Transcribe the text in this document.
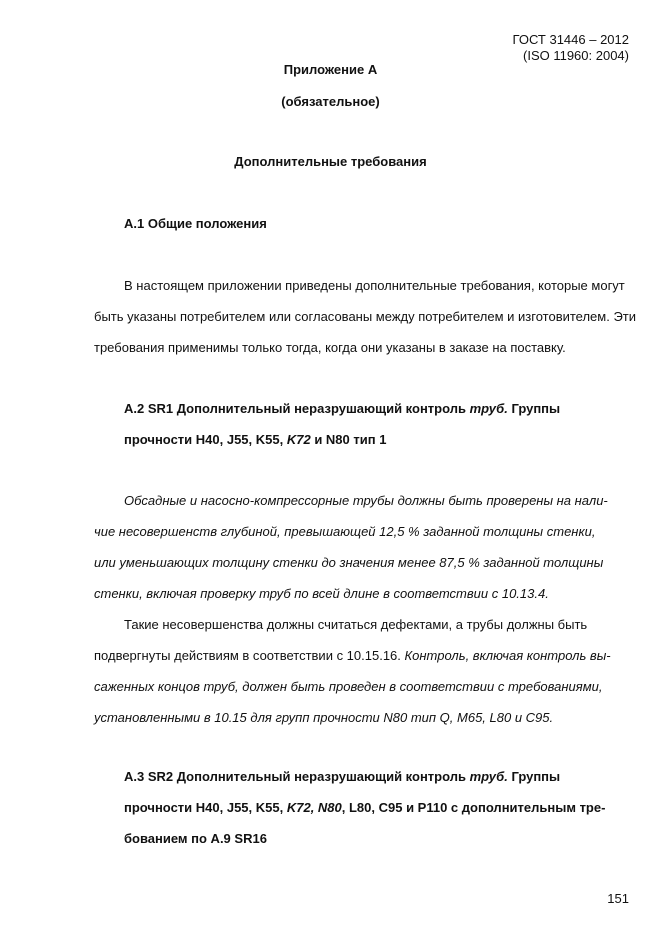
ГОСТ 31446 – 2012
(ISO 11960: 2004)
Приложение А
(обязательное)
Дополнительные требования
А.1 Общие положения
В настоящем приложении приведены дополнительные требования, которые могут
быть указаны потребителем или согласованы между потребителем и изготовителем. Эти
требования применимы только тогда, когда они указаны в заказе на поставку.
А.2 SR1 Дополнительный неразрушающий контроль труб. Группы
прочности Н40, J55, K55, K72 и N80 тип 1
Обсадные и насосно-компрессорные трубы должны быть проверены на нали-
чие несовершенств глубиной, превышающей 12,5 % заданной толщины стенки,
или уменьшающих толщину стенки до значения менее 87,5 % заданной толщины
стенки, включая проверку труб по всей длине в соответствии с 10.13.4.
Такие несовершенства должны считаться дефектами, а трубы должны быть
подвергнуты действиям в соответствии с 10.15.16. Контроль, включая контроль вы-
саженных концов труб, должен быть проведен в соответствии с требованиями,
установленными в 10.15 для групп прочности N80 тип Q, М65, L80 и С95.
А.3 SR2 Дополнительный неразрушающий контроль труб. Группы
прочности Н40, J55, K55, K72, N80, L80, С95 и Р110 с дополнительным тре-
бованием по А.9 SR16
151
